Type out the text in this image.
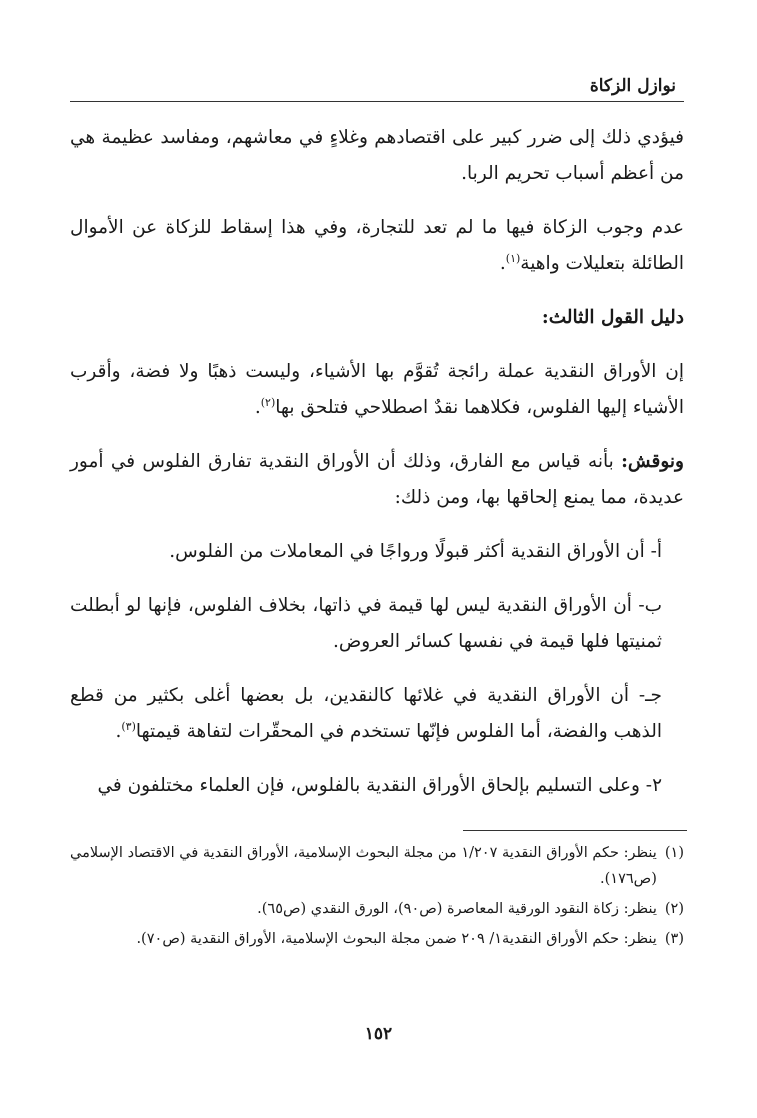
نوازل الزكاة

فيؤدي ذلك إلى ضرر كبير على اقتصادهم وغلاءٍ في معاشهم، ومفاسد عظيمة هي من أعظم أسباب تحريم الربا.

عدم وجوب الزكاة فيها ما لم تعد للتجارة، وفي هذا إسقاط للزكاة عن الأموال الطائلة بتعليلات واهية$^{(١)}$.

دليل القول الثالث:

إن الأوراق النقدية عملة رائجة تُقوَّم بها الأشياء، وليست ذهبًا ولا فضة، وأقرب الأشياء إليها الفلوس، فكلاهما نقدٌ اصطلاحي فتلحق بها$^{(٢)}$.

ونوقش: بأنه قياس مع الفارق، وذلك أن الأوراق النقدية تفارق الفلوس في أمور عديدة، مما يمنع إلحاقها بها، ومن ذلك:

أ- أن الأوراق النقدية أكثر قبولًا ورواجًا في المعاملات من الفلوس.

ب- أن الأوراق النقدية ليس لها قيمة في ذاتها، بخلاف الفلوس، فإنها لو أبطلت ثمنيتها فلها قيمة في نفسها كسائر العروض.

جـ- أن الأوراق النقدية في غلائها كالنقدين، بل بعضها أغلى بكثير من قطع الذهب والفضة، أما الفلوس فإنّها تستخدم في المحقّرات لتفاهة قيمتها$^{(٣)}$.

٢- وعلى التسليم بإلحاق الأوراق النقدية بالفلوس، فإن العلماء مختلفون في

(١)
ينظر: حكم الأوراق النقدية ١/٢٠٧ من مجلة البحوث الإسلامية، الأوراق النقدية في الاقتصاد الإسلامي (ص١٧٦).
(٢)
ينظر: زكاة النقود الورقية المعاصرة (ص٩٠)، الورق النقدي (ص٦٥).
(٣)
ينظر: حكم الأوراق النقدية١/ ٢٠٩ ضمن مجلة البحوث الإسلامية، الأوراق النقدية (ص٧٠).
١٥٢
